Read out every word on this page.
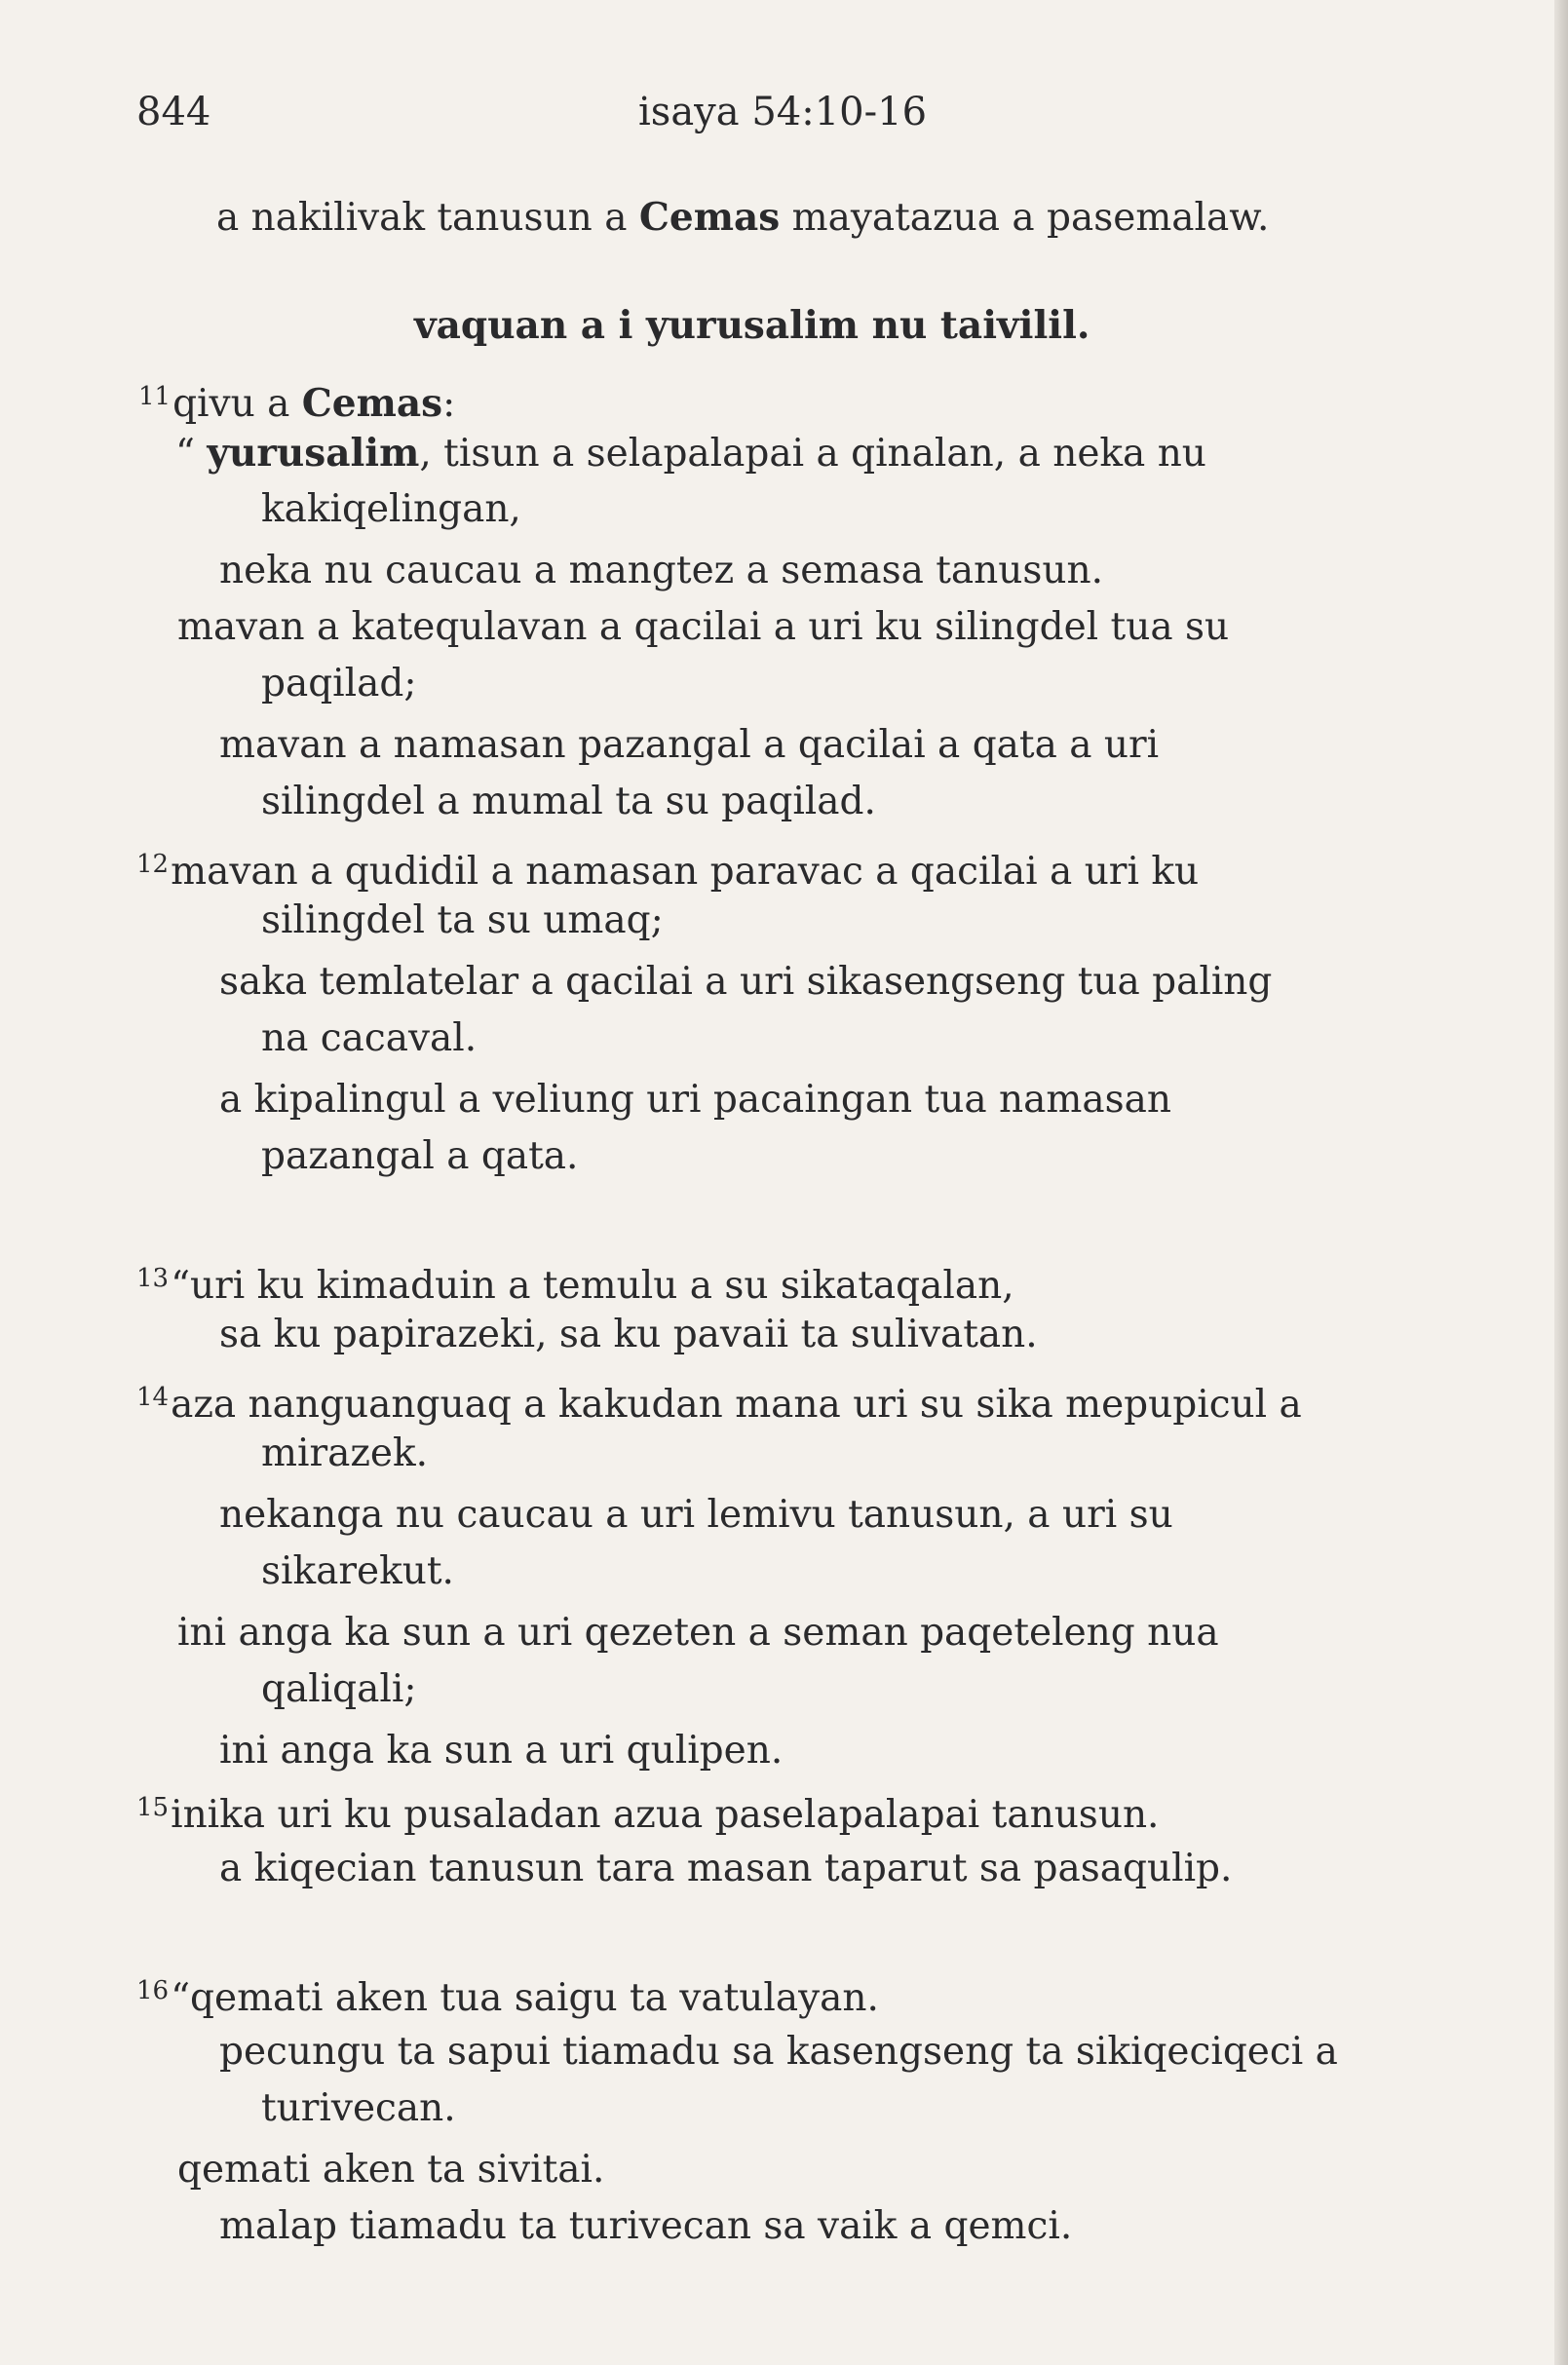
844	isaya 54:10-16
a nakilivak tanusun a Cemas mayatazua a pasemalaw.
vaquan a i yurusalim nu taivilil.
$^{11}$qivu a Cemas:
“ yurusalim, tisun a selapalapai a qinalan, a neka nu
kakiqelingan,
neka nu caucau a mangtez a semasa tanusun.
mavan a katequlavan a qacilai a uri ku silingdel tua su
paqilad;
mavan a namasan pazangal a qacilai a qata a uri
silingdel a mumal ta su paqilad.
$^{12}$mavan a qudidil a namasan paravac a qacilai a uri ku
silingdel ta su umaq;
saka temlatelar a qacilai a uri sikasengseng tua paling
na cacaval.
a kipalingul a veliung uri pacaingan tua namasan
pazangal a qata.
$^{13}$“uri ku kimaduin a temulu a su sikataqalan,
sa ku papirazeki, sa ku pavaii ta sulivatan.
$^{14}$aza nanguanguaq a kakudan mana uri su sika mepupicul a
mirazek.
nekanga nu caucau a uri lemivu tanusun, a uri su
sikarekut.
ini anga ka sun a uri qezeten a seman paqeteleng nua
qaliqali;
ini anga ka sun a uri qulipen.
$^{15}$inika uri ku pusaladan azua paselapalapai tanusun.
a kiqecian tanusun tara masan taparut sa pasaqulip.
$^{16}$“qemati aken tua saigu ta vatulayan.
pecungu ta sapui tiamadu sa kasengseng ta sikiqeciqeci a
turivecan.
qemati aken ta sivitai.
malap tiamadu ta turivecan sa vaik a qemci.
